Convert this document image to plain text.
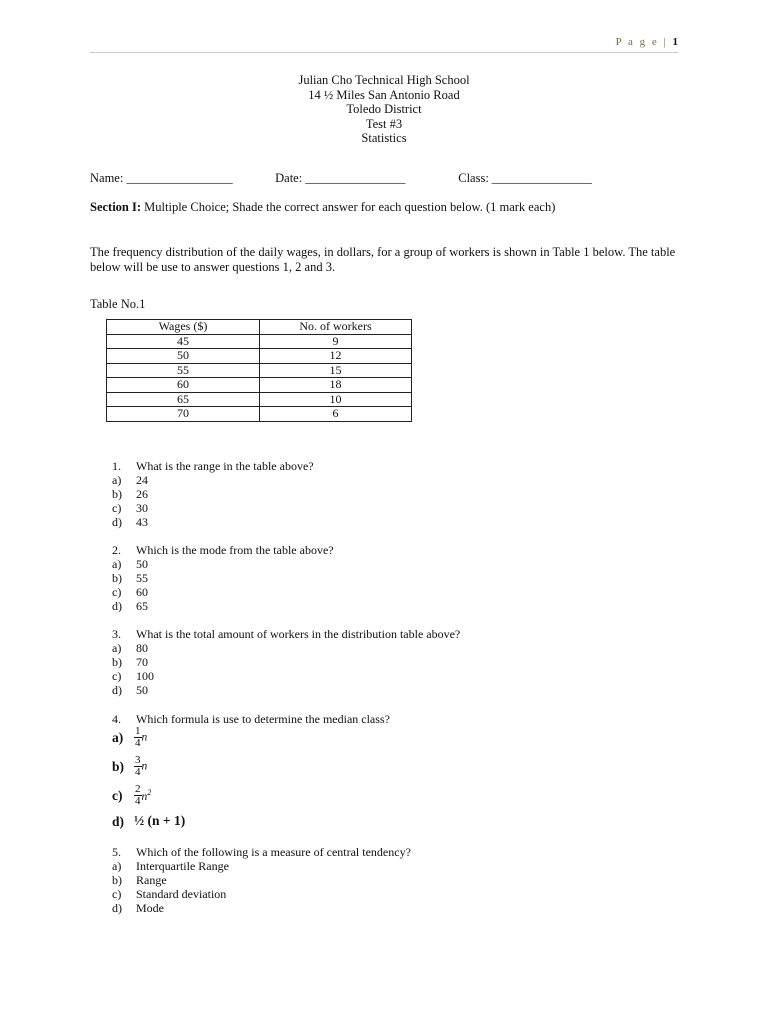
P a g e | 1
Julian Cho Technical High School
14 ½ Miles San Antonio Road
Toledo District
Test #3
Statistics
Name: _________________	Date: ________________	Class: ________________
Section I: Multiple Choice; Shade the correct answer for each question below. (1 mark each)
The frequency distribution of the daily wages, in dollars, for a group of workers is shown in Table 1 below. The table below will be use to answer questions 1, 2 and 3.
Table No.1
Wages ($)	No. of workers
45	9
50	12
55	15
60	18
65	10
70	6
1. What is the range in the table above?
a) 24
b) 26
c) 30
d) 43
2. Which is the mode from the table above?
a) 50
b) 55
c) 60
d) 65
3. What is the total amount of workers in the distribution table above?
a) 80
b) 70
c) 100
d) 50
4. Which formula is use to determine the median class?
$a) \frac{1}{4}$ n
$b) \frac{3}{4}$ n
$c) \frac{2}{4} n^2$
d) ½ (n + 1)
5. Which of the following is a measure of central tendency?
a) Interquartile Range
b) Range
c) Standard deviation
d) Mode
